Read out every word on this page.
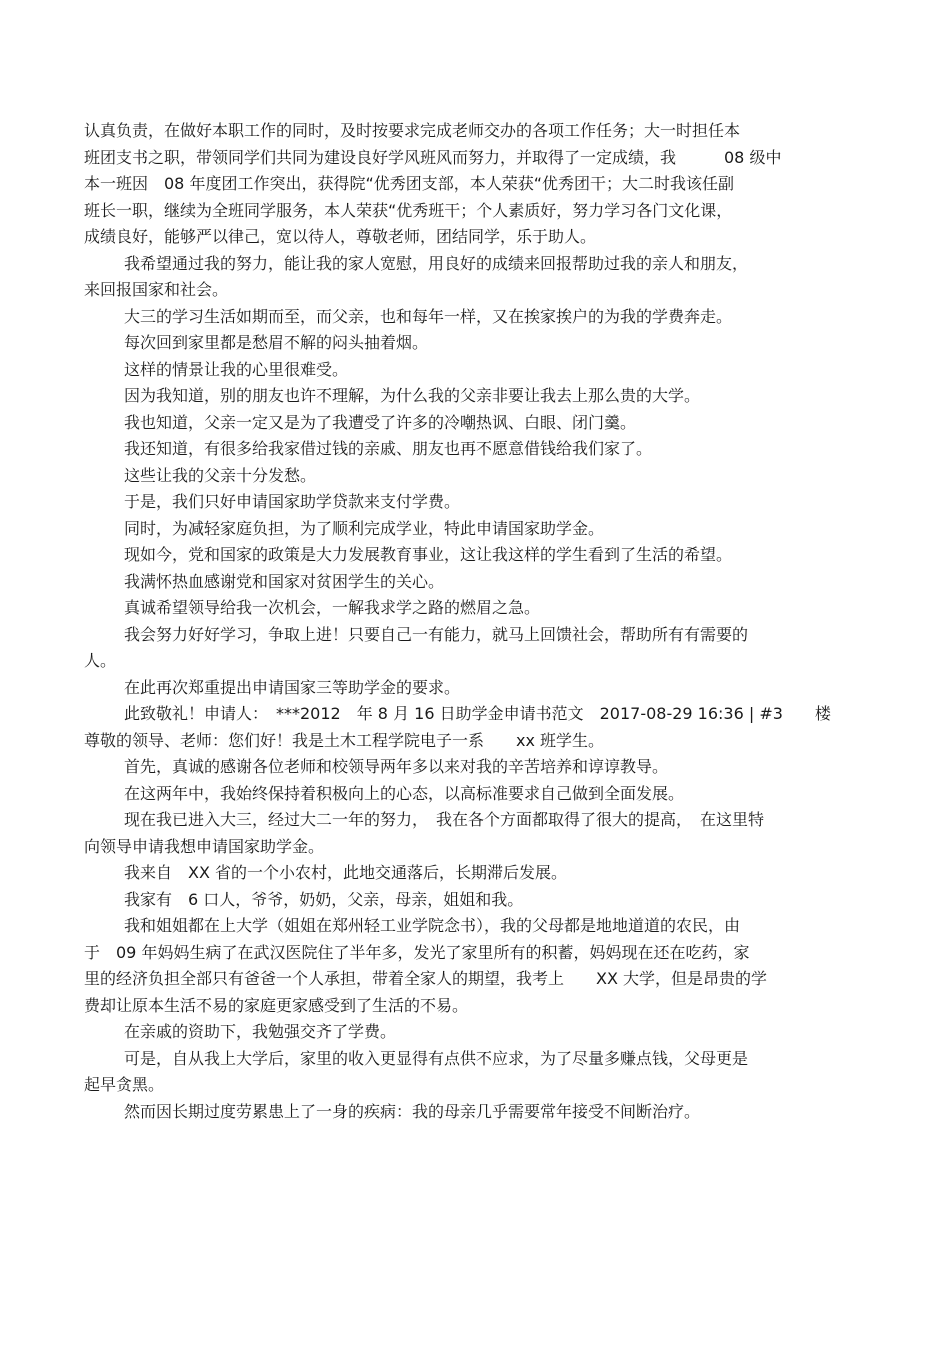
认真负责，在做好本职工作的同时，及时按要求完成老师交办的各项工作任务；大一时担任本
班团支书之职，带领同学们共同为建设良好学风班风而努力，并取得了一定成绩，我　　　08 级中
本一班因　08 年度团工作突出，获得院“优秀团支部，本人荣获“优秀团干；大二时我该任副
班长一职，继续为全班同学服务，本人荣获“优秀班干；个人素质好，努力学习各门文化课，
成绩良好，能够严以律己，宽以待人，尊敬老师，团结同学，乐于助人。
我希望通过我的努力，能让我的家人宽慰，用良好的成绩来回报帮助过我的亲人和朋友，
来回报国家和社会。
大三的学习生活如期而至，而父亲，也和每年一样，又在挨家挨户的为我的学费奔走。
每次回到家里都是愁眉不解的闷头抽着烟。
这样的情景让我的心里很难受。
因为我知道，别的朋友也许不理解，为什么我的父亲非要让我去上那么贵的大学。
我也知道，父亲一定又是为了我遭受了许多的冷嘲热讽、白眼、闭门羹。
我还知道，有很多给我家借过钱的亲戚、朋友也再不愿意借钱给我们家了。
这些让我的父亲十分发愁。
于是，我们只好申请国家助学贷款来支付学费。
同时，为减轻家庭负担，为了顺利完成学业，特此申请国家助学金。
现如今，党和国家的政策是大力发展教育事业，这让我这样的学生看到了生活的希望。
我满怀热血感谢党和国家对贫困学生的关心。
真诚希望领导给我一次机会，一解我求学之路的燃眉之急。
我会努力好好学习，争取上进！只要自己一有能力，就马上回馈社会，帮助所有有需要的
人。
在此再次郑重提出申请国家三等助学金的要求。
此致敬礼！申请人：　***2012　年 8 月 16 日助学金申请书范文　2017-08-29 16:36 | #3　　楼
尊敬的领导、老师：您们好！我是土木工程学院电子一系　　xx 班学生。
首先，真诚的感谢各位老师和校领导两年多以来对我的辛苦培养和谆谆教导。
在这两年中，我始终保持着积极向上的心态，以高标准要求自己做到全面发展。
现在我已进入大三，经过大二一年的努力，　我在各个方面都取得了很大的提高，　在这里特
向领导申请我想申请国家助学金。
我来自　XX 省的一个小农村，此地交通落后，长期滞后发展。
我家有　6 口人，爷爷，奶奶，父亲，母亲，姐姐和我。
我和姐姐都在上大学（姐姐在郑州轻工业学院念书），我的父母都是地地道道的农民，由
于　09 年妈妈生病了在武汉医院住了半年多，发光了家里所有的积蓄，妈妈现在还在吃药，家
里的经济负担全部只有爸爸一个人承担，带着全家人的期望，我考上　　XX 大学，但是昂贵的学
费却让原本生活不易的家庭更家感受到了生活的不易。
在亲戚的资助下，我勉强交齐了学费。
可是，自从我上大学后，家里的收入更显得有点供不应求，为了尽量多赚点钱，父母更是
起早贪黑。
然而因长期过度劳累患上了一身的疾病：我的母亲几乎需要常年接受不间断治疗。
